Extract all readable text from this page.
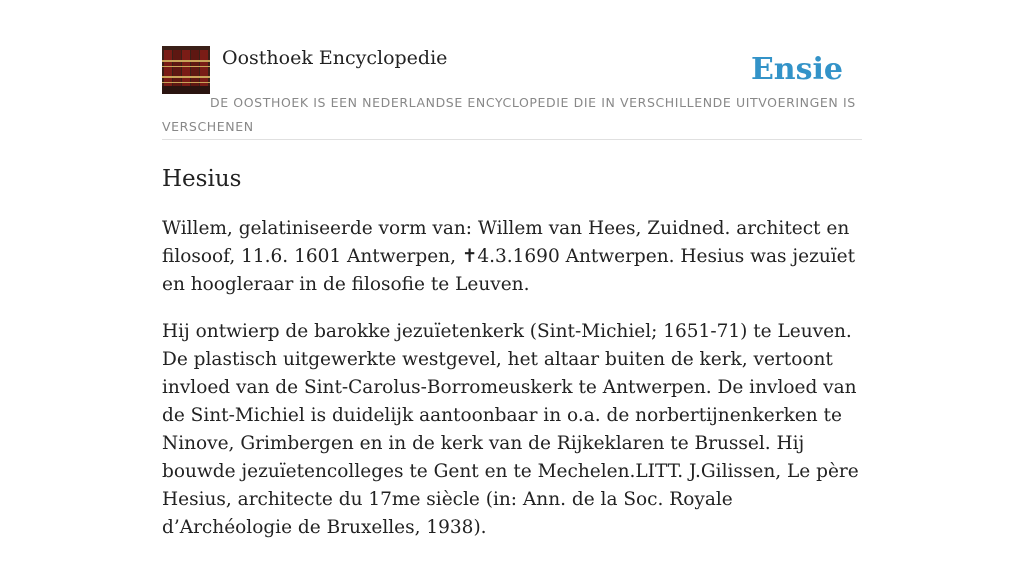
Oosthoek Encyclopedie	Ensie
DE OOSTHOEK IS EEN NEDERLANDSE ENCYCLOPEDIE DIE IN VERSCHILLENDE UITVOERINGEN IS VERSCHENEN
Hesius

Willem, gelatiniseerde vorm van: Willem van Hees, Zuidned. architect en filosoof, 11.6. 1601 Antwerpen, ✝4.3.1690 Antwerpen. Hesius was jezuïet en hoogleraar in de filosofie te Leuven.

Hij ontwierp de barokke jezuïetenkerk (Sint-Michiel; 1651-71) te Leuven. De plastisch uitgewerkte westgevel, het altaar buiten de kerk, vertoont invloed van de Sint-Carolus-Borromeuskerk te Antwerpen. De invloed van de Sint-Michiel is duidelijk aantoonbaar in o.a. de norbertijnenkerken te Ninove, Grimbergen en in de kerk van de Rijkeklaren te Brussel. Hij bouwde jezuïetencolleges te Gent en te Mechelen.LITT. J.Gilissen, Le père Hesius, architecte du 17me siècle (in: Ann. de la Soc. Royale d’Archéologie de Bruxelles, 1938).
